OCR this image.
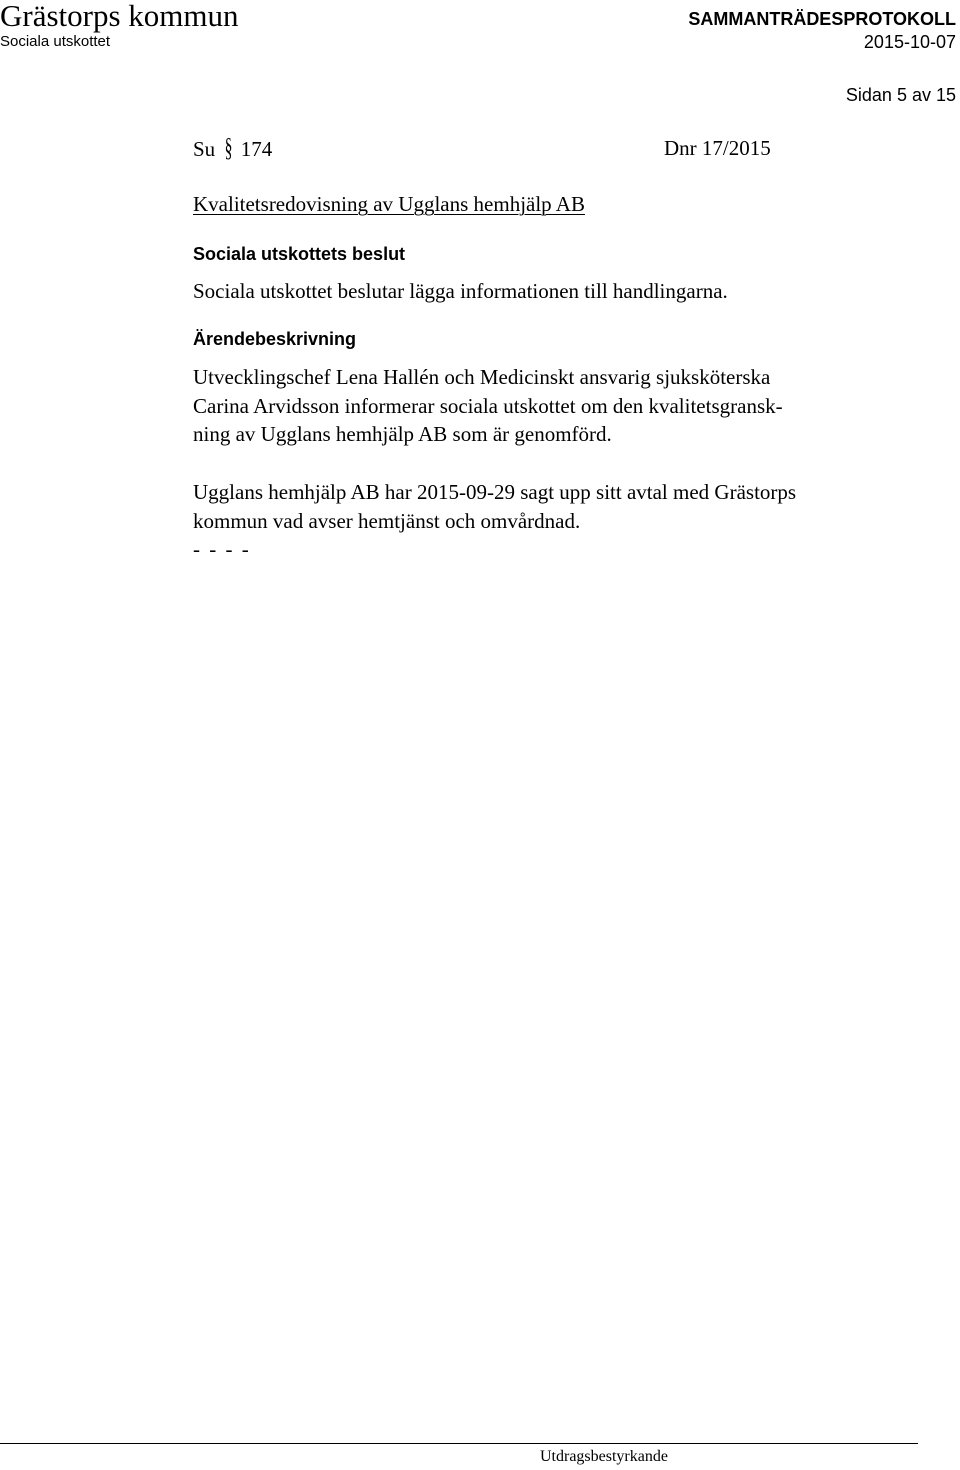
Grästorps kommun
Sociala utskottet
SAMMANTRÄDESPROTOKOLL
2015-10-07
Sidan 5 av 15
Su § 174	Dnr 17/2015
Kvalitetsredovisning av Ugglans hemhjälp AB
Sociala utskottets beslut
Sociala utskottet beslutar lägga informationen till handlingarna.
Ärendebeskrivning
Utvecklingschef Lena Hallén och Medicinskt ansvarig sjuksköterska
Carina Arvidsson informerar sociala utskottet om den kvalitetsgransk-
ning av Ugglans hemhjälp AB som är genomförd.
Ugglans hemhjälp AB har 2015-09-29 sagt upp sitt avtal med Grästorps
kommun vad avser hemtjänst och omvårdnad.
- - - -
Utdragsbestyrkande
